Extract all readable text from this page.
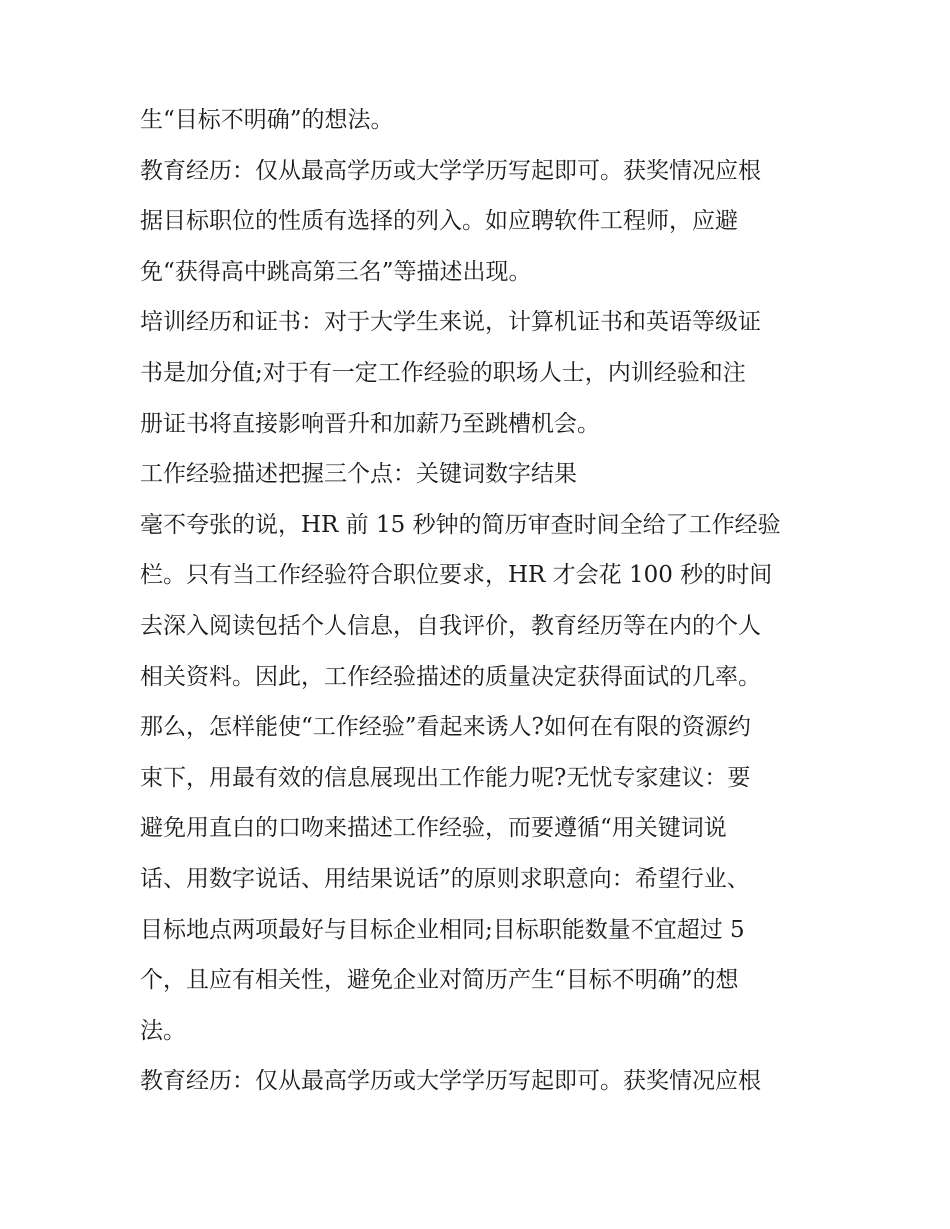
生“目标不明确”的想法。

教育经历：仅从最高学历或大学学历写起即可。获奖情况应根

据目标职位的性质有选择的列入。如应聘软件工程师，应避

免“获得高中跳高第三名”等描述出现。

培训经历和证书：对于大学生来说，计算机证书和英语等级证

书是加分值;对于有一定工作经验的职场人士，内训经验和注

册证书将直接影响晋升和加薪乃至跳槽机会。

工作经验描述把握三个点：关键词数字结果

毫不夸张的说，HR 前 15 秒钟的简历审查时间全给了工作经验

栏。只有当工作经验符合职位要求，HR 才会花 100 秒的时间

去深入阅读包括个人信息，自我评价，教育经历等在内的个人

相关资料。因此，工作经验描述的质量决定获得面试的几率。

那么，怎样能使“工作经验”看起来诱人?如何在有限的资源约

束下，用最有效的信息展现出工作能力呢?无忧专家建议：要

避免用直白的口吻来描述工作经验，而要遵循“用关键词说

话、用数字说话、用结果说话”的原则求职意向：希望行业、

目标地点两项最好与目标企业相同;目标职能数量不宜超过 5

个，且应有相关性，避免企业对简历产生“目标不明确”的想

法。

教育经历：仅从最高学历或大学学历写起即可。获奖情况应根
